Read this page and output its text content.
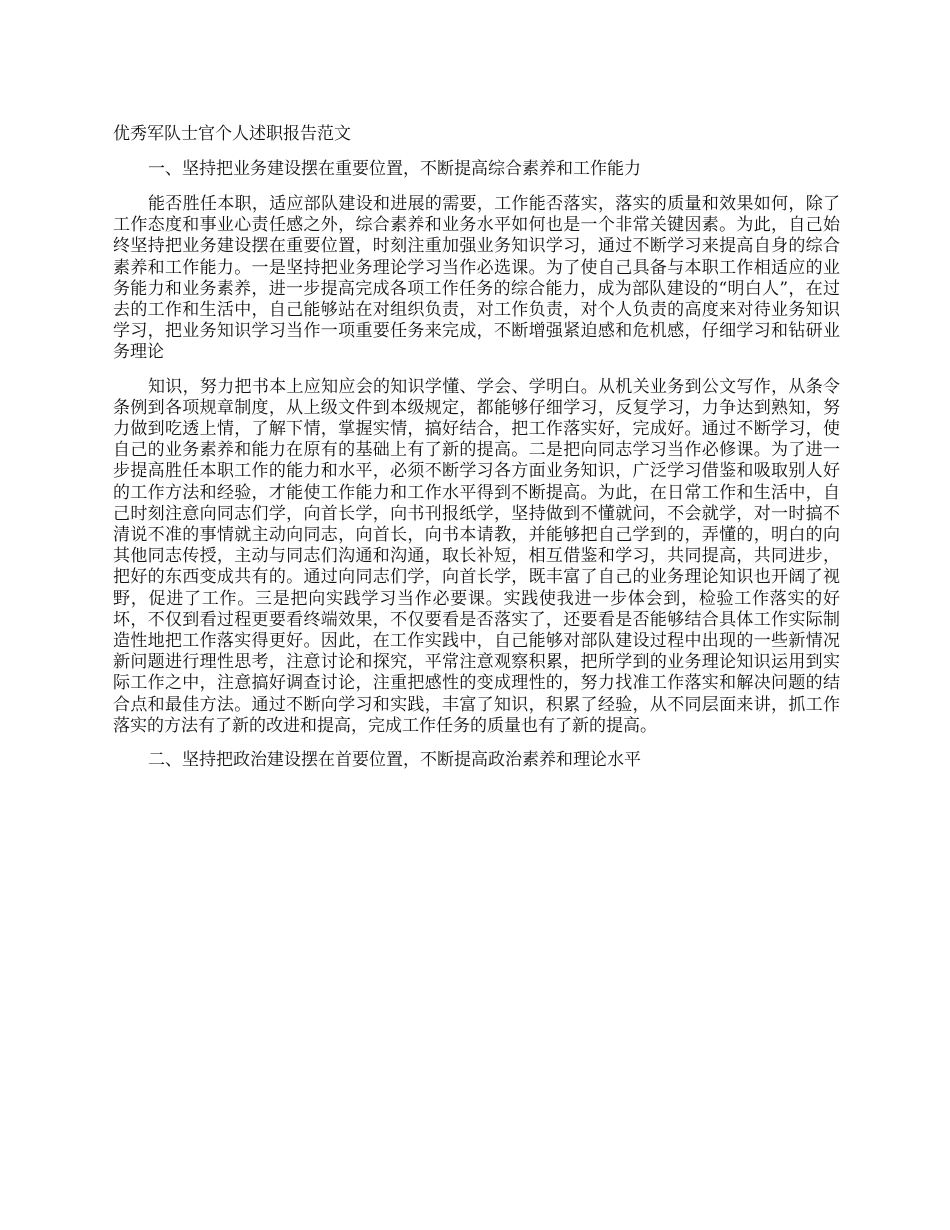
优秀军队士官个人述职报告范文

一、坚持把业务建设摆在重要位置，不断提高综合素养和工作能力

能否胜任本职，适应部队建设和进展的需要，工作能否落实，落实的质量和效果如何，除了工作态度和事业心责任感之外，综合素养和业务水平如何也是一个非常关键因素。为此，自己始终坚持把业务建设摆在重要位置，时刻注重加强业务知识学习，通过不断学习来提高自身的综合素养和工作能力。一是坚持把业务理论学习当作必选课。为了使自己具备与本职工作相适应的业务能力和业务素养，进一步提高完成各项工作任务的综合能力，成为部队建设的“明白人”，在过去的工作和生活中，自己能够站在对组织负责，对工作负责，对个人负责的高度来对待业务知识学习，把业务知识学习当作一项重要任务来完成，不断增强紧迫感和危机感，仔细学习和钻研业务理论

知识，努力把书本上应知应会的知识学懂、学会、学明白。从机关业务到公文写作，从条令条例到各项规章制度，从上级文件到本级规定，都能够仔细学习，反复学习，力争达到熟知，努力做到吃透上情，了解下情，掌握实情，搞好结合，把工作落实好，完成好。通过不断学习，使自己的业务素养和能力在原有的基础上有了新的提高。二是把向同志学习当作必修课。为了进一步提高胜任本职工作的能力和水平，必须不断学习各方面业务知识，广泛学习借鉴和吸取别人好的工作方法和经验，才能使工作能力和工作水平得到不断提高。为此，在日常工作和生活中，自己时刻注意向同志们学，向首长学，向书刊报纸学，坚持做到不懂就问，不会就学，对一时搞不清说不准的事情就主动向同志，向首长，向书本请教，并能够把自己学到的，弄懂的，明白的向其他同志传授，主动与同志们沟通和沟通，取长补短，相互借鉴和学习，共同提高，共同进步，把好的东西变成共有的。通过向同志们学，向首长学，既丰富了自己的业务理论知识也开阔了视野，促进了工作。三是把向实践学习当作必要课。实践使我进一步体会到，检验工作落实的好坏，不仅到看过程更要看终端效果，不仅要看是否落实了，还要看是否能够结合具体工作实际制造性地把工作落实得更好。因此，在工作实践中，自己能够对部队建设过程中出现的一些新情况新问题进行理性思考，注意讨论和探究，平常注意观察积累，把所学到的业务理论知识运用到实际工作之中，注意搞好调查讨论，注重把感性的变成理性的，努力找准工作落实和解决问题的结合点和最佳方法。通过不断向学习和实践，丰富了知识，积累了经验，从不同层面来讲，抓工作落实的方法有了新的改进和提高，完成工作任务的质量也有了新的提高。

二、坚持把政治建设摆在首要位置，不断提高政治素养和理论水平
